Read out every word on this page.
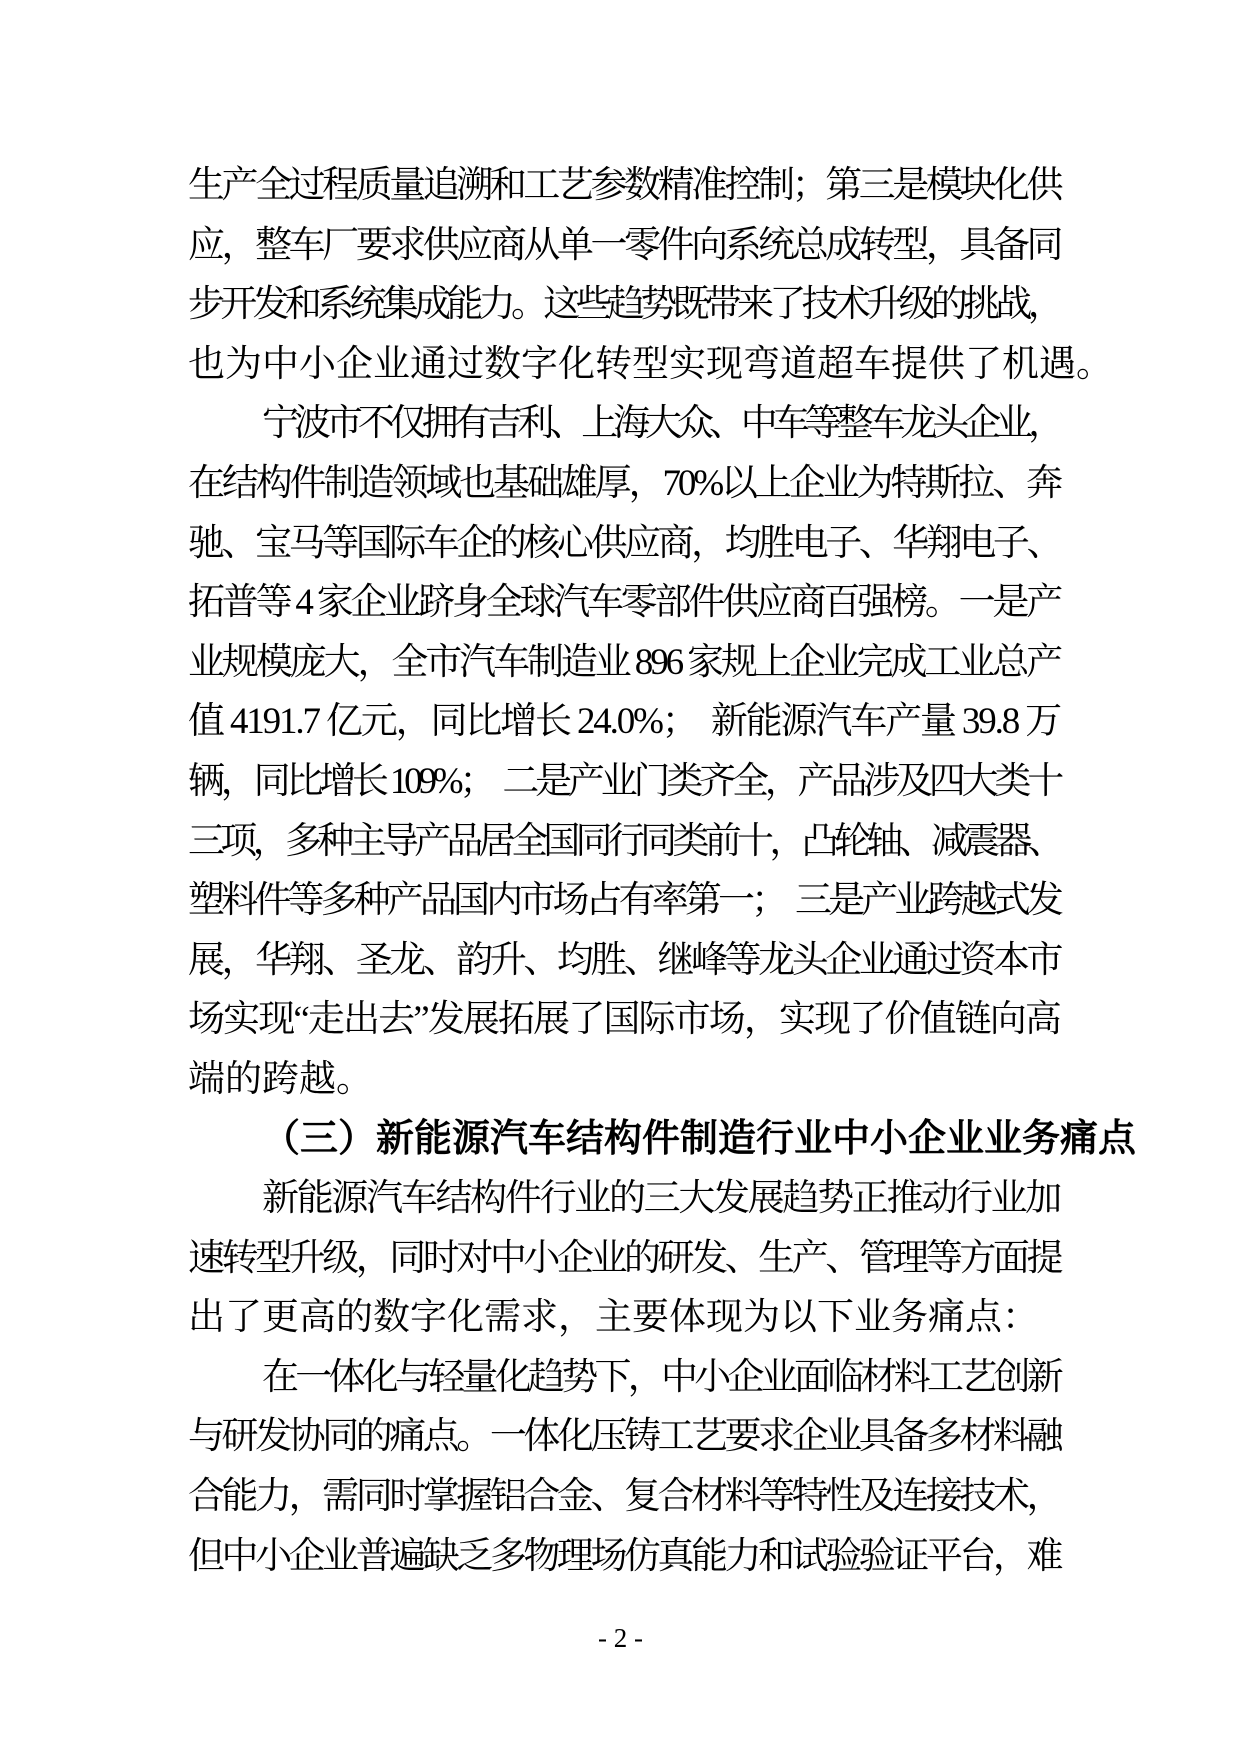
生产全过程质量追溯和工艺参数精准控制；第三是模块化供
应，整车厂要求供应商从单一零件向系统总成转型，具备同
步开发和系统集成能力。这些趋势既带来了技术升级的挑战，
也为中小企业通过数字化转型实现弯道超车提供了机遇。
宁波市不仅拥有吉利、上海大众、中车等整车龙头企业，
在结构件制造领域也基础雄厚，70%以上企业为特斯拉、奔
驰、宝马等国际车企的核心供应商，均胜电子、华翔电子、
拓普等 4 家企业跻身全球汽车零部件供应商百强榜。一是产
业规模庞大，全市汽车制造业 896 家规上企业完成工业总产
值 4191.7 亿元，同比增长 24.0%；  新能源汽车产量 39.8 万
辆，同比增长 109%；  二是产业门类齐全，产品涉及四大类十
三项，多种主导产品居全国同行同类前十，凸轮轴、减震器、
塑料件等多种产品国内市场占有率第一；  三是产业跨越式发
展，华翔、圣龙、韵升、均胜、继峰等龙头企业通过资本市
场实现“走出去”发展拓展了国际市场，实现了价值链向高
端的跨越。
（三）新能源汽车结构件制造行业中小企业业务痛点
新能源汽车结构件行业的三大发展趋势正推动行业加
速转型升级，同时对中小企业的研发、生产、管理等方面提
出了更高的数字化需求，主要体现为以下业务痛点：
在一体化与轻量化趋势下，中小企业面临材料工艺创新
与研发协同的痛点。一体化压铸工艺要求企业具备多材料融
合能力，需同时掌握铝合金、复合材料等特性及连接技术，
但中小企业普遍缺乏多物理场仿真能力和试验验证平台，难
- 2 -
